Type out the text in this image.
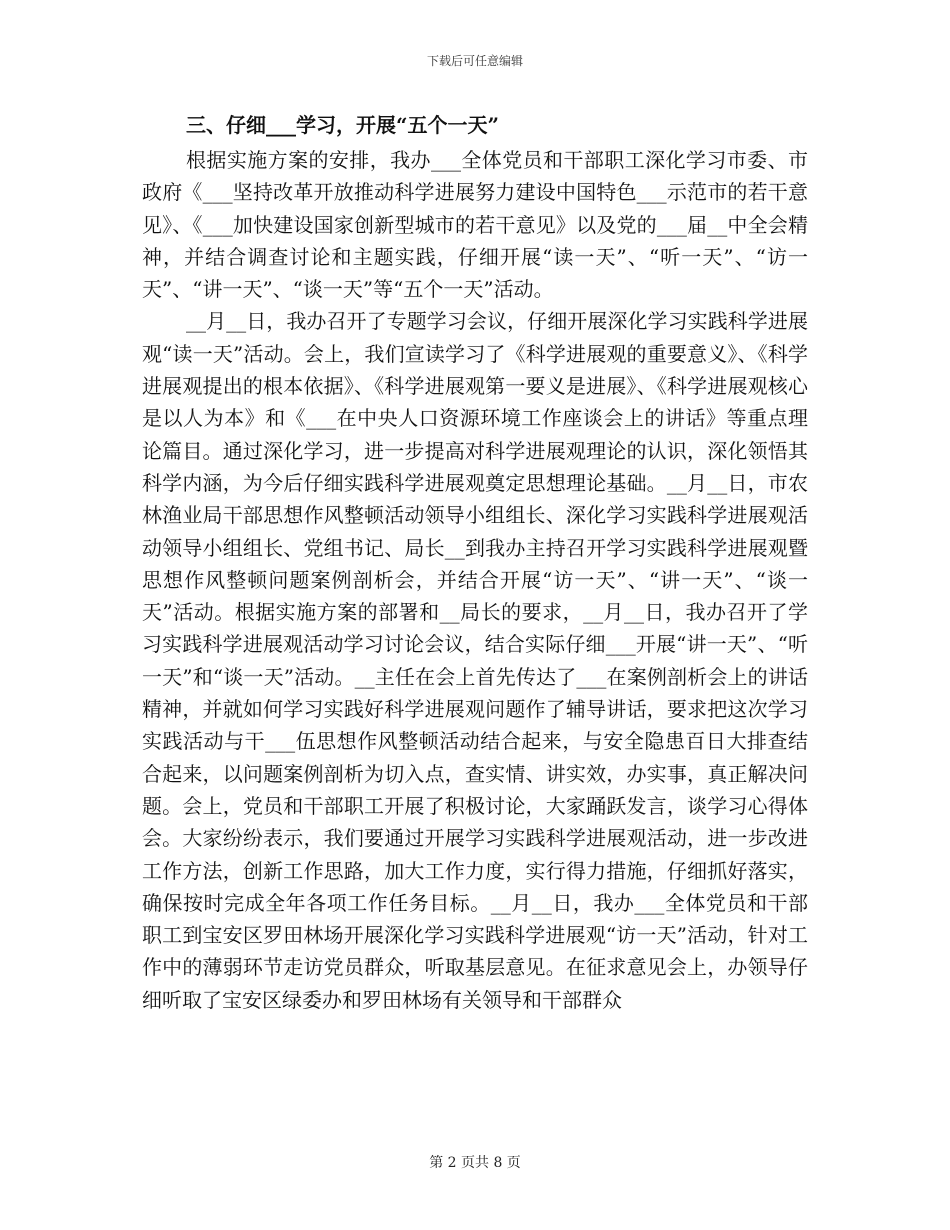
下载后可任意编辑
三、仔细___学习，开展“五个一天”

根据实施方案的安排，我办___全体党员和干部职工深化学习市委、市政府《___坚持改革开放推动科学进展努力建设中国特色___示范市的若干意见》、《___加快建设国家创新型城市的若干意见》以及党的___届__中全会精神，并结合调查讨论和主题实践，仔细开展“读一天”、“听一天”、“访一天”、“讲一天”、“谈一天”等“五个一天”活动。

__月__日，我办召开了专题学习会议，仔细开展深化学习实践科学进展观“读一天”活动。会上，我们宣读学习了《科学进展观的重要意义》、《科学进展观提出的根本依据》、《科学进展观第一要义是进展》、《科学进展观核心是以人为本》和《___在中央人口资源环境工作座谈会上的讲话》等重点理论篇目。通过深化学习，进一步提高对科学进展观理论的认识，深化领悟其科学内涵，为今后仔细实践科学进展观奠定思想理论基础。__月__日，市农林渔业局干部思想作风整顿活动领导小组组长、深化学习实践科学进展观活动领导小组组长、党组书记、局长__到我办主持召开学习实践科学进展观暨思想作风整顿问题案例剖析会，并结合开展“访一天”、“讲一天”、“谈一天”活动。根据实施方案的部署和__局长的要求，__月__日，我办召开了学习实践科学进展观活动学习讨论会议，结合实际仔细___开展“讲一天”、“听一天”和“谈一天”活动。__主任在会上首先传达了___在案例剖析会上的讲话精神，并就如何学习实践好科学进展观问题作了辅导讲话，要求把这次学习实践活动与干___伍思想作风整顿活动结合起来，与安全隐患百日大排查结合起来，以问题案例剖析为切入点，查实情、讲实效，办实事，真正解决问题。会上，党员和干部职工开展了积极讨论，大家踊跃发言，谈学习心得体会。大家纷纷表示，我们要通过开展学习实践科学进展观活动，进一步改进工作方法，创新工作思路，加大工作力度，实行得力措施，仔细抓好落实，确保按时完成全年各项工作任务目标。__月__日，我办___全体党员和干部职工到宝安区罗田林场开展深化学习实践科学进展观“访一天”活动，针对工作中的薄弱环节走访党员群众，听取基层意见。在征求意见会上，办领导仔细听取了宝安区绿委办和罗田林场有关领导和干部群众

第 2 页共 8 页
